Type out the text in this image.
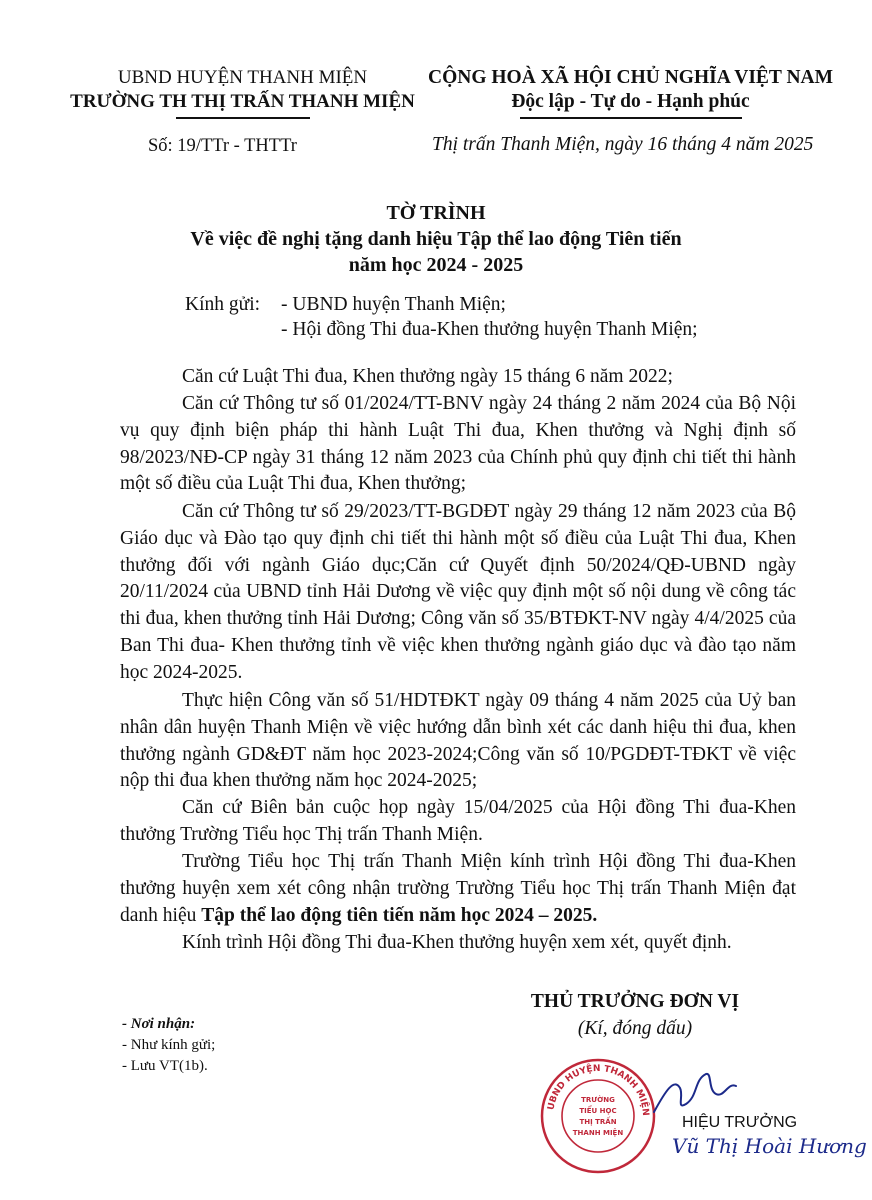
UBND HUYỆN THANH MIỆN
TRƯỜNG TH THỊ TRẤN THANH MIỆN
CỘNG HOÀ XÃ HỘI CHỦ NGHĨA VIỆT NAM
Độc lập - Tự do - Hạnh phúc
Số: 19/TTr - THTTr	Thị trấn Thanh Miện, ngày 16 tháng 4 năm 2025
TỜ TRÌNH
Về việc đề nghị tặng danh hiệu Tập thể lao động Tiên tiến
năm học 2024 - 2025
Kính gửi: - UBND huyện Thanh Miện;
- Hội đồng Thi đua-Khen thưởng huyện Thanh Miện;
Căn cứ Luật Thi đua, Khen thưởng ngày 15 tháng 6 năm 2022;
Căn cứ Thông tư số 01/2024/TT-BNV ngày 24 tháng 2 năm 2024 của Bộ Nội vụ quy định biện pháp thi hành Luật Thi đua, Khen thưởng và Nghị định số 98/2023/NĐ-CP ngày 31 tháng 12 năm 2023 của Chính phủ quy định chi tiết thi hành một số điều của Luật Thi đua, Khen thưởng;
Căn cứ Thông tư số 29/2023/TT-BGDĐT ngày 29 tháng 12 năm 2023 của Bộ Giáo dục và Đào tạo quy định chi tiết thi hành một số điều của Luật Thi đua, Khen thưởng đối với ngành Giáo dục;Căn cứ Quyết định 50/2024/QĐ-UBND ngày 20/11/2024 của UBND tỉnh Hải Dương về việc quy định một số nội dung về công tác thi đua, khen thưởng tỉnh Hải Dương; Công văn số 35/BTĐKT-NV ngày 4/4/2025 của Ban Thi đua- Khen thưởng tỉnh về việc khen thưởng ngành giáo dục và đào tạo năm học 2024-2025.
Thực hiện Công văn số 51/HDTĐKT ngày 09 tháng 4 năm 2025 của Uỷ ban nhân dân huyện Thanh Miện về việc hướng dẫn bình xét các danh hiệu thi đua, khen thưởng ngành GD&ĐT năm học 2023-2024;Công văn số 10/PGDĐT-TĐKT về việc nộp thi đua khen thưởng năm học 2024-2025;
Căn cứ Biên bản cuộc họp ngày 15/04/2025 của Hội đồng Thi đua-Khen thưởng Trường Tiểu học Thị trấn Thanh Miện.
Trường Tiểu học Thị trấn Thanh Miện kính trình Hội đồng Thi đua-Khen thưởng huyện xem xét công nhận trường Trường Tiểu học Thị trấn Thanh Miện đạt danh hiệu Tập thể lao động tiên tiến năm học 2024 – 2025.
Kính trình Hội đồng Thi đua-Khen thưởng huyện xem xét, quyết định.
- Nơi nhận:
- Như kính gửi;
- Lưu VT(1b).
THỦ TRƯỞNG ĐƠN VỊ
(Kí, đóng dấu)
UBND HUYỆN THANH MIỆN
TRƯỜNG
TIỂU HỌC
THỊ TRẤN
THANH MIỆN
HIỆU TRƯỞNG
Vũ Thị Hoài Hương
